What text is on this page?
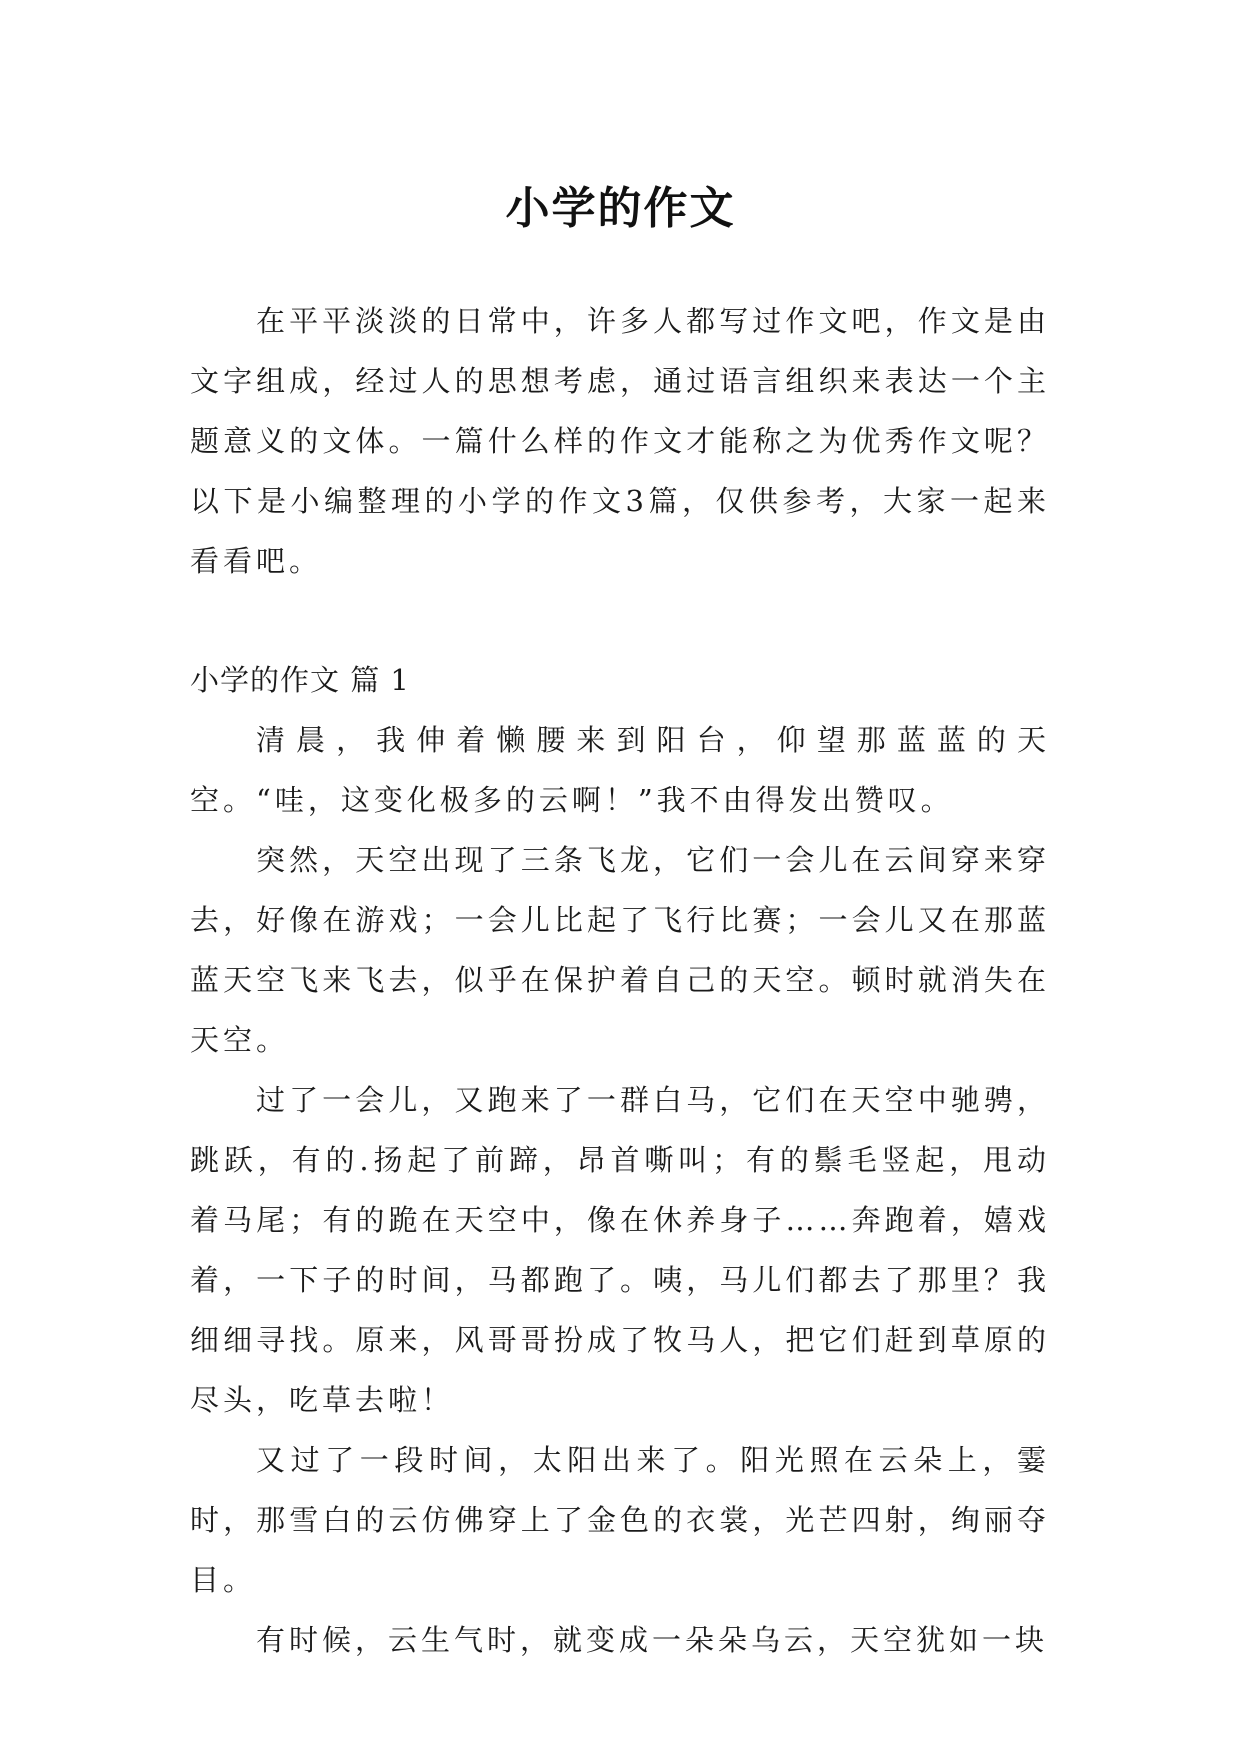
小学的作文

在平平淡淡的日常中，许多人都写过作文吧，作文是由文字组成，经过人的思想考虑，通过语言组织来表达一个主题意义的文体。一篇什么样的作文才能称之为优秀作文呢？以下是小编整理的小学的作文3篇，仅供参考，大家一起来看看吧。

小学的作文 篇 1

清晨，我伸着懒腰来到阳台，仰望那蓝蓝的天空。“哇，这变化极多的云啊！”我不由得发出赞叹。

突然，天空出现了三条飞龙，它们一会儿在云间穿来穿去，好像在游戏；一会儿比起了飞行比赛；一会儿又在那蓝蓝天空飞来飞去，似乎在保护着自己的天空。顿时就消失在天空。

过了一会儿，又跑来了一群白马，它们在天空中驰骋，跳跃，有的.扬起了前蹄，昂首嘶叫；有的鬃毛竖起，甩动着马尾；有的跪在天空中，像在休养身子……奔跑着，嬉戏着，一下子的时间，马都跑了。咦，马儿们都去了那里？我细细寻找。原来，风哥哥扮成了牧马人，把它们赶到草原的尽头，吃草去啦！

又过了一段时间，太阳出来了。阳光照在云朵上，霎时，那雪白的云仿佛穿上了金色的衣裳，光芒四射，绚丽夺目。

有时候，云生气时，就变成一朵朵乌云，天空犹如一块
